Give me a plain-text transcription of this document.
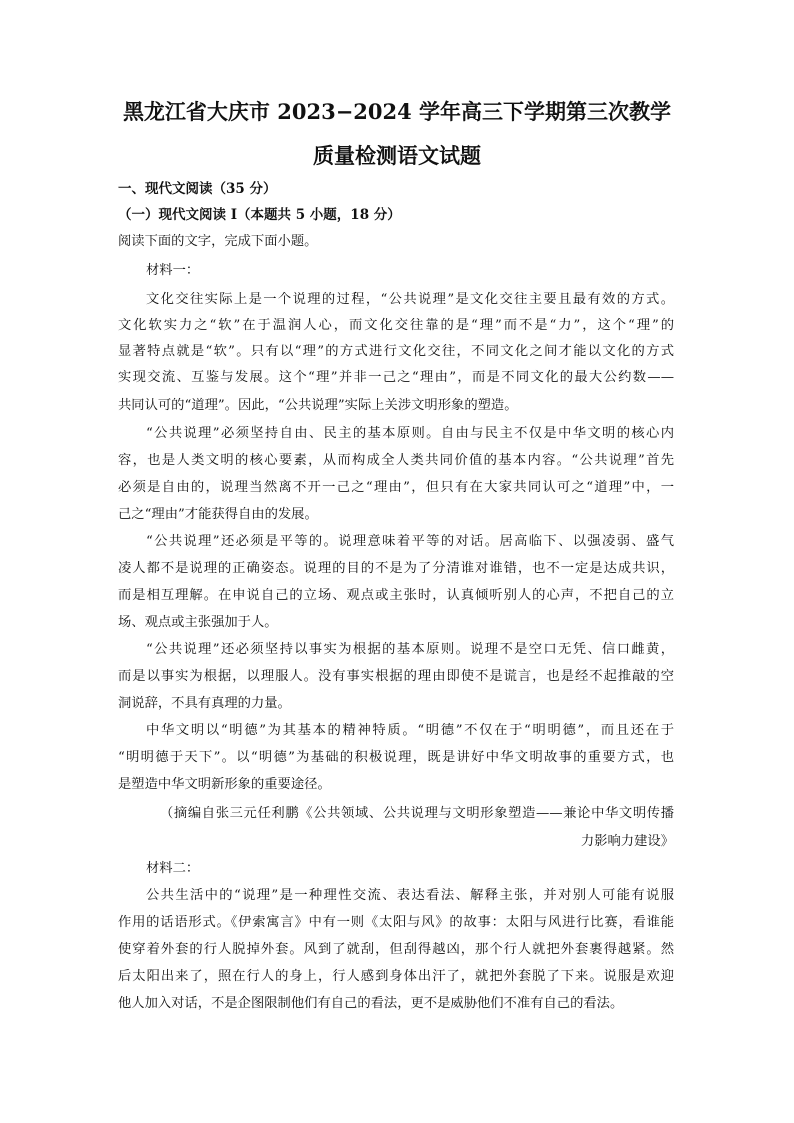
黑龙江省大庆市 2023−2024 学年高三下学期第三次教学
质量检测语文试题
一、现代文阅读（35 分）
（一）现代文阅读 I（本题共 5 小题，18 分）
阅读下面的文字，完成下面小题。
材料一：
文化交往实际上是一个说理的过程，“公共说理”是文化交往主要且最有效的方式。
文化软实力之“软”在于温润人心，而文化交往靠的是“理”而不是“力”，这个“理”的
显著特点就是“软”。只有以“理”的方式进行文化交往，不同文化之间才能以文化的方式
实现交流、互鉴与发展。这个“理”并非一己之“理由”，而是不同文化的最大公约数——
共同认可的“道理”。因此，“公共说理”实际上关涉文明形象的塑造。
“公共说理”必须坚持自由、民主的基本原则。自由与民主不仅是中华文明的核心内
容，也是人类文明的核心要素，从而构成全人类共同价值的基本内容。“公共说理”首先
必须是自由的，说理当然离不开一己之“理由”，但只有在大家共同认可之“道理”中，一
己之“理由”才能获得自由的发展。
“公共说理”还必须是平等的。说理意味着平等的对话。居高临下、以强凌弱、盛气
凌人都不是说理的正确姿态。说理的目的不是为了分清谁对谁错，也不一定是达成共识，
而是相互理解。在申说自己的立场、观点或主张时，认真倾听别人的心声，不把自己的立
场、观点或主张强加于人。
“公共说理”还必须坚持以事实为根据的基本原则。说理不是空口无凭、信口雌黄，
而是以事实为根据，以理服人。没有事实根据的理由即使不是谎言，也是经不起推敲的空
洞说辞，不具有真理的力量。
中华文明以“明德”为其基本的精神特质。“明德”不仅在于“明明德”，而且还在于
“明明德于天下”。以“明德”为基础的积极说理，既是讲好中华文明故事的重要方式，也
是塑造中华文明新形象的重要途径。
（摘编自张三元任利鹏《公共领域、公共说理与文明形象塑造——兼论中华文明传播
力影响力建设》
材料二：
公共生活中的“说理”是一种理性交流、表达看法、解释主张，并对别人可能有说服
作用的话语形式。《伊索寓言》中有一则《太阳与风》的故事：太阳与风进行比赛，看谁能
使穿着外套的行人脱掉外套。风到了就刮，但刮得越凶，那个行人就把外套裹得越紧。然
后太阳出来了，照在行人的身上，行人感到身体出汗了，就把外套脱了下来。说服是欢迎
他人加入对话，不是企图限制他们有自己的看法，更不是威胁他们不准有自己的看法。
